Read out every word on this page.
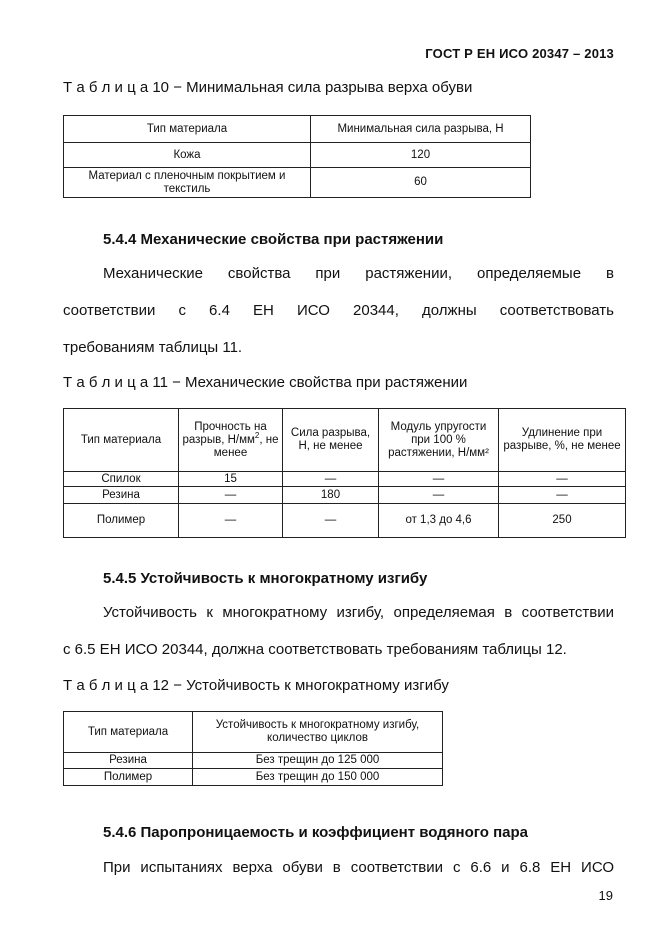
ГОСТ Р ЕН ИСО 20347 – 2013
Т а б л и ц а 10 − Минимальная сила разрыва верха обуви
Тип материала	Минимальная сила разрыва, Н
Кожа	120
Материал с пленочным покрытием и текстиль	60
5.4.4 Механические свойства при растяжении
Механические свойства при растяжении, определяемые в
соответствии с 6.4 ЕН ИСО 20344, должны соответствовать
требованиям таблицы 11.
Т а б л и ц а 11 − Механические свойства при растяжении
Тип материала	Прочность на разрыв, $Н/мм^2$, не менее	Сила разрыва, Н, не менее	Модуль упругости при 100 % растяжении, Н/мм²	Удлинение при разрыве, %, не менее
Спилок	15	—	—	—
Резина	—	180	—	—
Полимер	—	—	от 1,3 до 4,6	250
5.4.5 Устойчивость к многократному изгибу
Устойчивость к многократному изгибу, определяемая в соответствии
с 6.5 ЕН ИСО 20344, должна соответствовать требованиям таблицы 12.
Т а б л и ц а 12 − Устойчивость к многократному изгибу
Тип материала	Устойчивость к многократному изгибу, количество циклов
Резина	Без трещин до 125 000
Полимер	Без трещин до 150 000
5.4.6 Паропроницаемость и коэффициент водяного пара
При испытаниях верха обуви в соответствии с 6.6 и 6.8 ЕН ИСО
19
